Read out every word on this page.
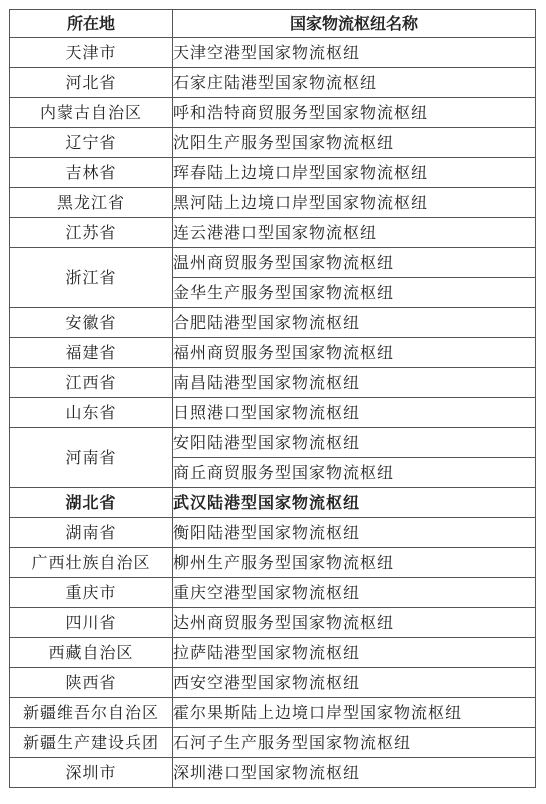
所在地	国家物流枢纽名称
天津市	天津空港型国家物流枢纽
河北省	石家庄陆港型国家物流枢纽
内蒙古自治区	呼和浩特商贸服务型国家物流枢纽
辽宁省	沈阳生产服务型国家物流枢纽
吉林省	珲春陆上边境口岸型国家物流枢纽
黑龙江省	黑河陆上边境口岸型国家物流枢纽
江苏省	连云港港口型国家物流枢纽
浙江省	温州商贸服务型国家物流枢纽
	金华生产服务型国家物流枢纽
安徽省	合肥陆港型国家物流枢纽
福建省	福州商贸服务型国家物流枢纽
江西省	南昌陆港型国家物流枢纽
山东省	日照港口型国家物流枢纽
河南省	安阳陆港型国家物流枢纽
	商丘商贸服务型国家物流枢纽
湖北省	武汉陆港型国家物流枢纽
湖南省	衡阳陆港型国家物流枢纽
广西壮族自治区	柳州生产服务型国家物流枢纽
重庆市	重庆空港型国家物流枢纽
四川省	达州商贸服务型国家物流枢纽
西藏自治区	拉萨陆港型国家物流枢纽
陕西省	西安空港型国家物流枢纽
新疆维吾尔自治区	霍尔果斯陆上边境口岸型国家物流枢纽
新疆生产建设兵团	石河子生产服务型国家物流枢纽
深圳市	深圳港口型国家物流枢纽
